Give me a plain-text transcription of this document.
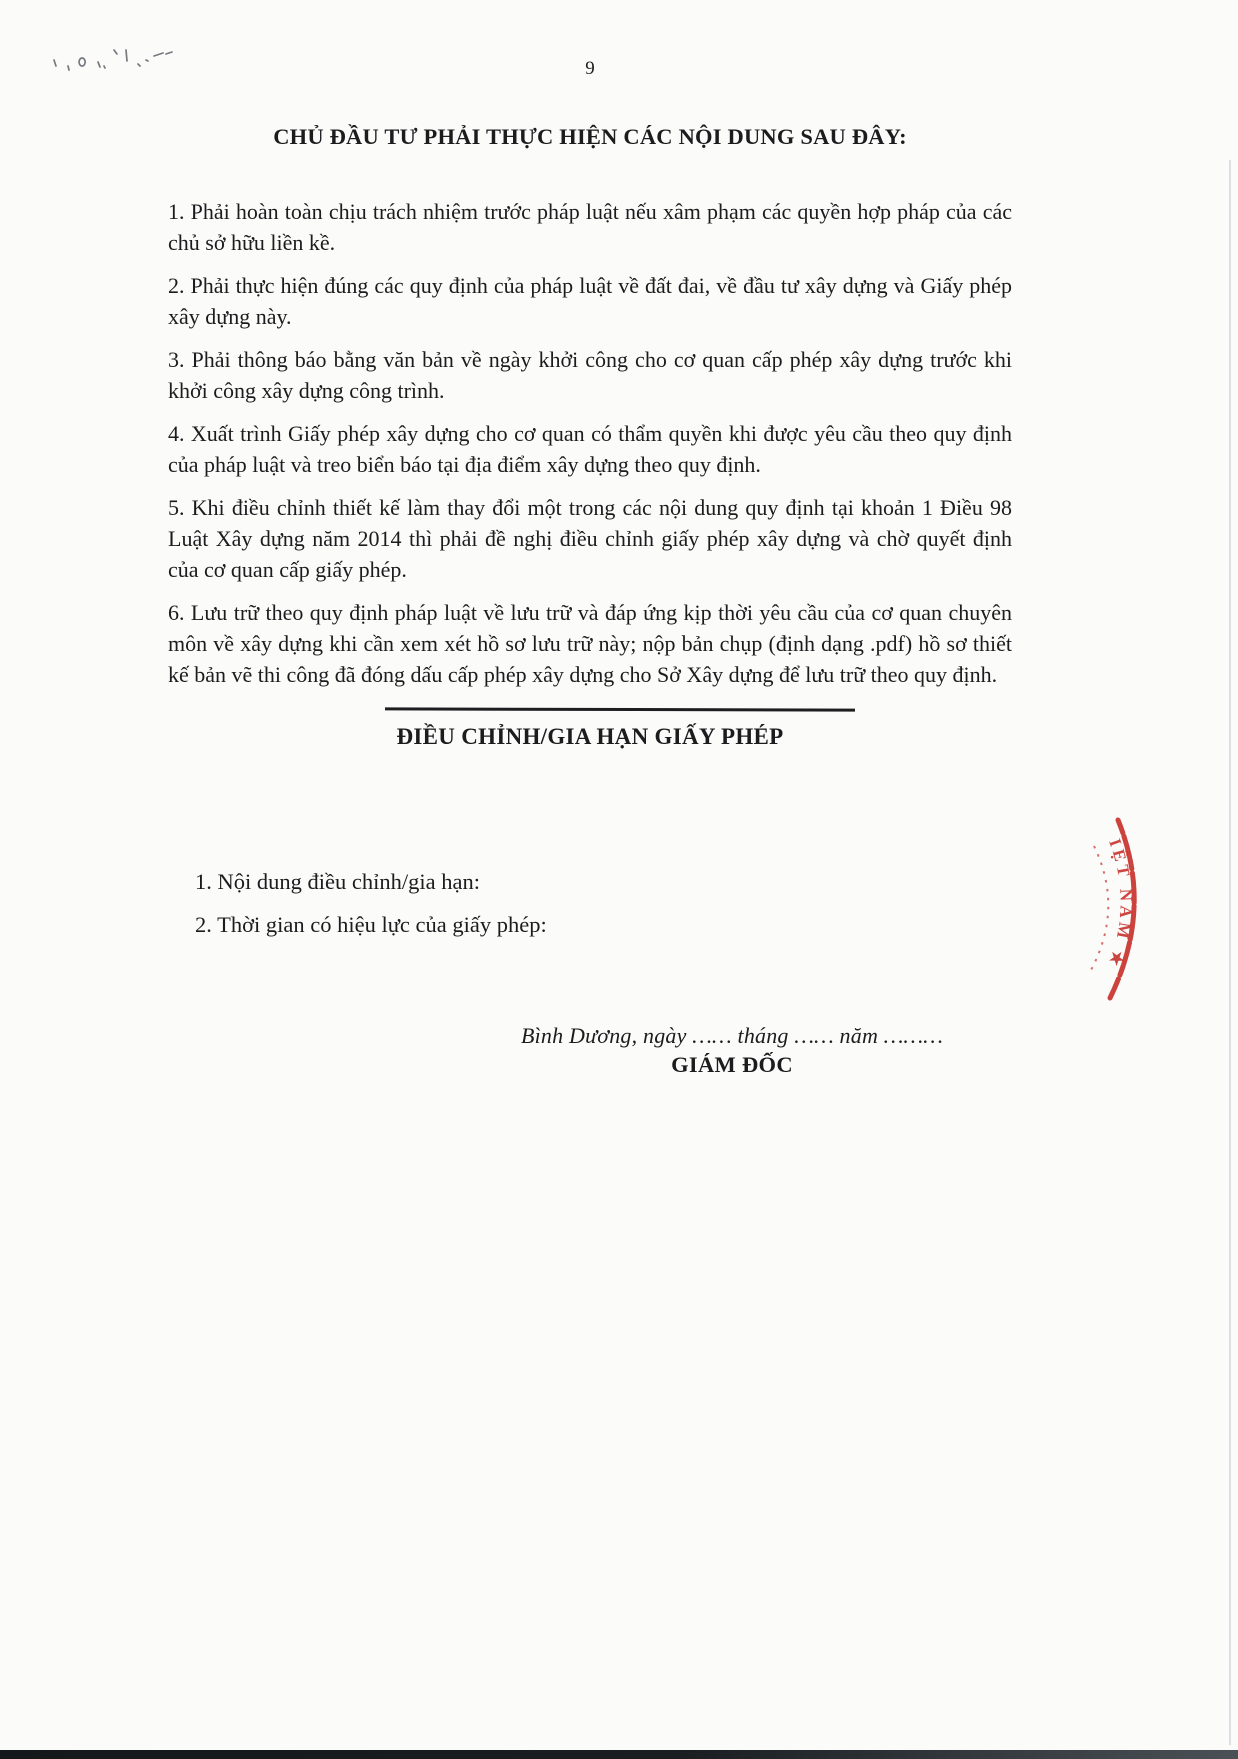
9
CHỦ ĐẦU TƯ PHẢI THỰC HIỆN CÁC NỘI DUNG SAU ĐÂY:

1. Phải hoàn toàn chịu trách nhiệm trước pháp luật nếu xâm phạm các quyền hợp pháp của các chủ sở hữu liền kề.

2. Phải thực hiện đúng các quy định của pháp luật về đất đai, về đầu tư xây dựng và Giấy phép xây dựng này.

3. Phải thông báo bằng văn bản về ngày khởi công cho cơ quan cấp phép xây dựng trước khi khởi công xây dựng công trình.

4. Xuất trình Giấy phép xây dựng cho cơ quan có thẩm quyền khi được yêu cầu theo quy định của pháp luật và treo biển báo tại địa điểm xây dựng theo quy định.

5. Khi điều chỉnh thiết kế làm thay đổi một trong các nội dung quy định tại khoản 1 Điều 98 Luật Xây dựng năm 2014 thì phải đề nghị điều chỉnh giấy phép xây dựng và chờ quyết định của cơ quan cấp giấy phép.

6. Lưu trữ theo quy định pháp luật về lưu trữ và đáp ứng kịp thời yêu cầu của cơ quan chuyên môn về xây dựng khi cần xem xét hồ sơ lưu trữ này; nộp bản chụp (định dạng .pdf) hồ sơ thiết kế bản vẽ thi công đã đóng dấu cấp phép xây dựng cho Sở Xây dựng để lưu trữ theo quy định.

ĐIỀU CHỈNH/GIA HẠN GIẤY PHÉP

1. Nội dung điều chỉnh/gia hạn:

2. Thời gian có hiệu lực của giấy phép:

Bình Dương, ngày …… tháng …… năm ………
GIÁM ĐỐC
IỆT NAM ★
